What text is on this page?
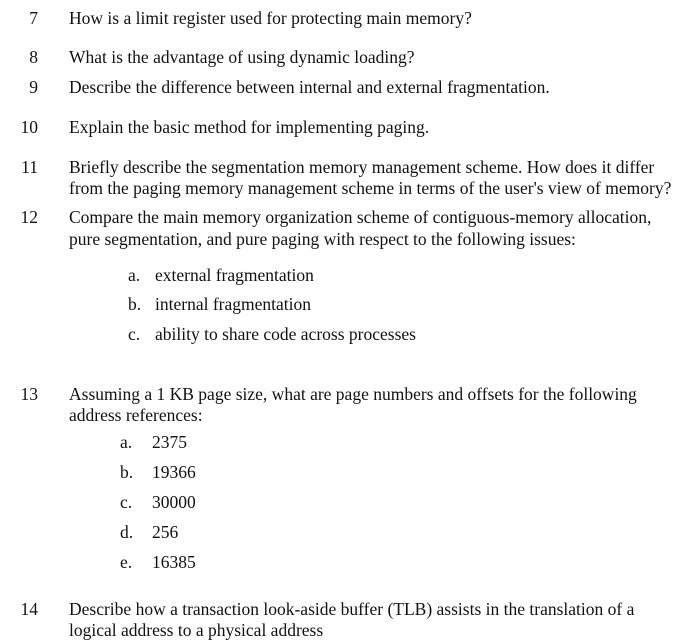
7 How is a limit register used for protecting main memory?
8 What is the advantage of using dynamic loading?
9 Describe the difference between internal and external fragmentation.
10 Explain the basic method for implementing paging.
11 Briefly describe the segmentation memory management scheme. How does it differ
from the paging memory management scheme in terms of the user's view of memory?
12 Compare the main memory organization scheme of contiguous-memory allocation,
pure segmentation, and pure paging with respect to the following issues:
a. external fragmentation
b. internal fragmentation
c. ability to share code across processes
13 Assuming a 1 KB page size, what are page numbers and offsets for the following
address references:
a. 2375
b. 19366
c. 30000
d. 256
e. 16385
14 Describe how a transaction look-aside buffer (TLB) assists in the translation of a
logical address to a physical address
